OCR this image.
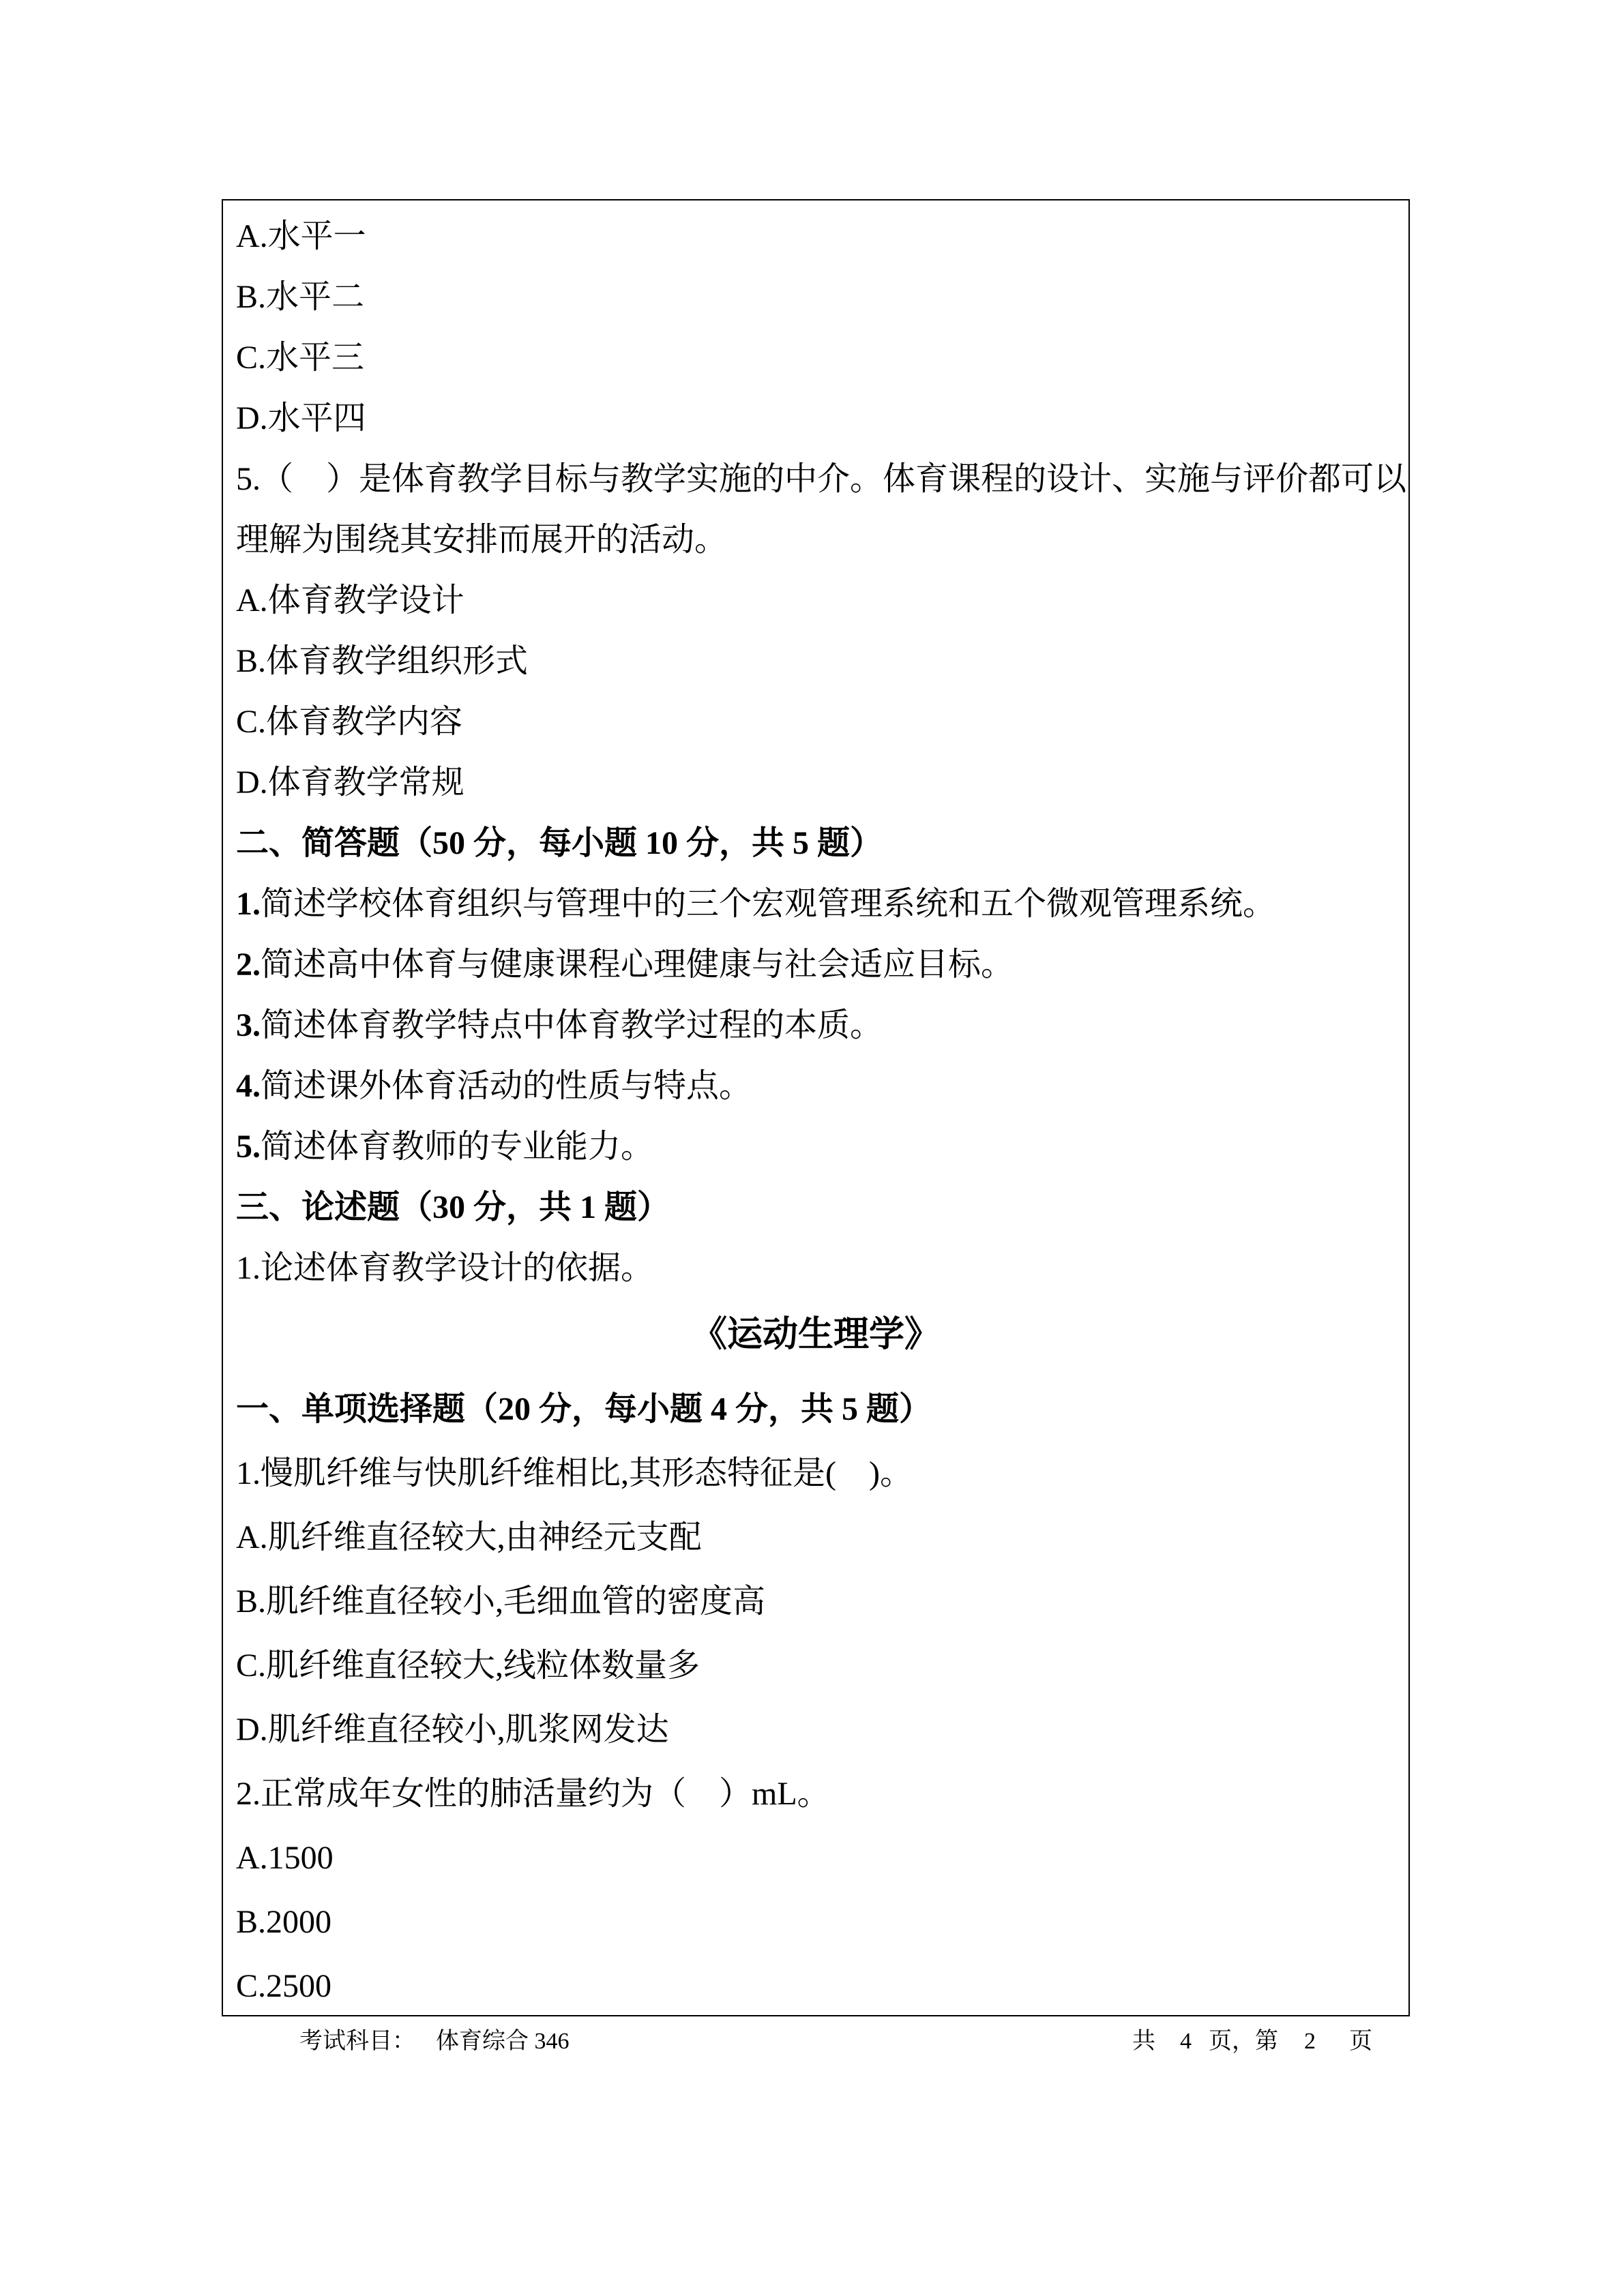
A.水平一
B.水平二
C.水平三
D.水平四
5.（    ）是体育教学目标与教学实施的中介。体育课程的设计、实施与评价都可以理解为围绕其安排而展开的活动。
A.体育教学设计
B.体育教学组织形式
C.体育教学内容
D.体育教学常规
二、简答题（50 分，每小题 10 分，共 5 题）
1.简述学校体育组织与管理中的三个宏观管理系统和五个微观管理系统。
2.简述高中体育与健康课程心理健康与社会适应目标。
3.简述体育教学特点中体育教学过程的本质。
4.简述课外体育活动的性质与特点。
5.简述体育教师的专业能力。
三、论述题（30 分，共 1 题）
1.论述体育教学设计的依据。
《运动生理学》
一、单项选择题（20 分，每小题 4 分，共 5 题）
1.慢肌纤维与快肌纤维相比,其形态特征是(    )。
A.肌纤维直径较大,由神经元支配
B.肌纤维直径较小,毛细血管的密度高
C.肌纤维直径较大,线粒体数量多
D.肌纤维直径较小,肌浆网发达
2.正常成年女性的肺活量约为（    ）mL。
A.1500
B.2000
C.2500
考试科目： 体育综合 346	共 4 页，第 2 页
